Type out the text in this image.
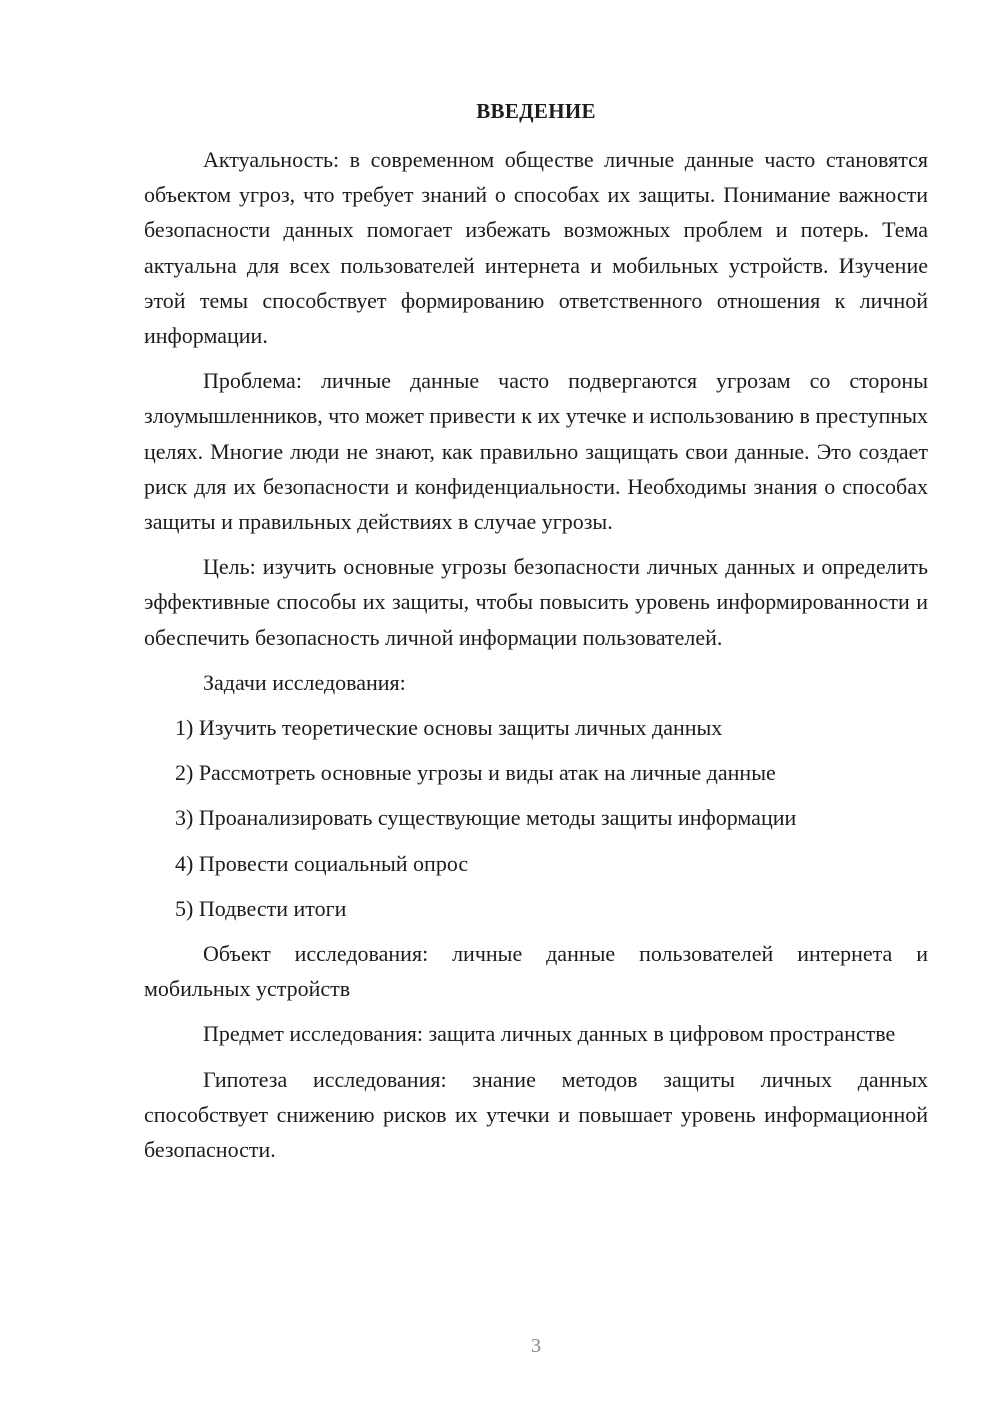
ВВЕДЕНИЕ

Актуальность: в современном обществе личные данные часто становятся объектом угроз, что требует знаний о способах их защиты. Понимание важности безопасности данных помогает избежать возможных проблем и потерь. Тема актуальна для всех пользователей интернета и мобильных устройств. Изучение этой темы способствует формированию ответственного отношения к личной информации.

Проблема: личные данные часто подвергаются угрозам со стороны злоумышленников, что может привести к их утечке и использованию в преступных целях. Многие люди не знают, как правильно защищать свои данные. Это создает риск для их безопасности и конфиденциальности. Необходимы знания о способах защиты и правильных действиях в случае угрозы.

Цель: изучить основные угрозы безопасности личных данных и определить эффективные способы их защиты, чтобы повысить уровень информированности и обеспечить безопасность личной информации пользователей.

Задачи исследования:

1) Изучить теоретические основы защиты личных данных

2) Рассмотреть основные угрозы и виды атак на личные данные

3) Проанализировать существующие методы защиты информации

4) Провести социальный опрос

5) Подвести итоги

Объект исследования: личные данные пользователей интернета и мобильных устройств

Предмет исследования: защита личных данных в цифровом пространстве

Гипотеза исследования: знание методов защиты личных данных способствует снижению рисков их утечки и повышает уровень информационной безопасности.

3
